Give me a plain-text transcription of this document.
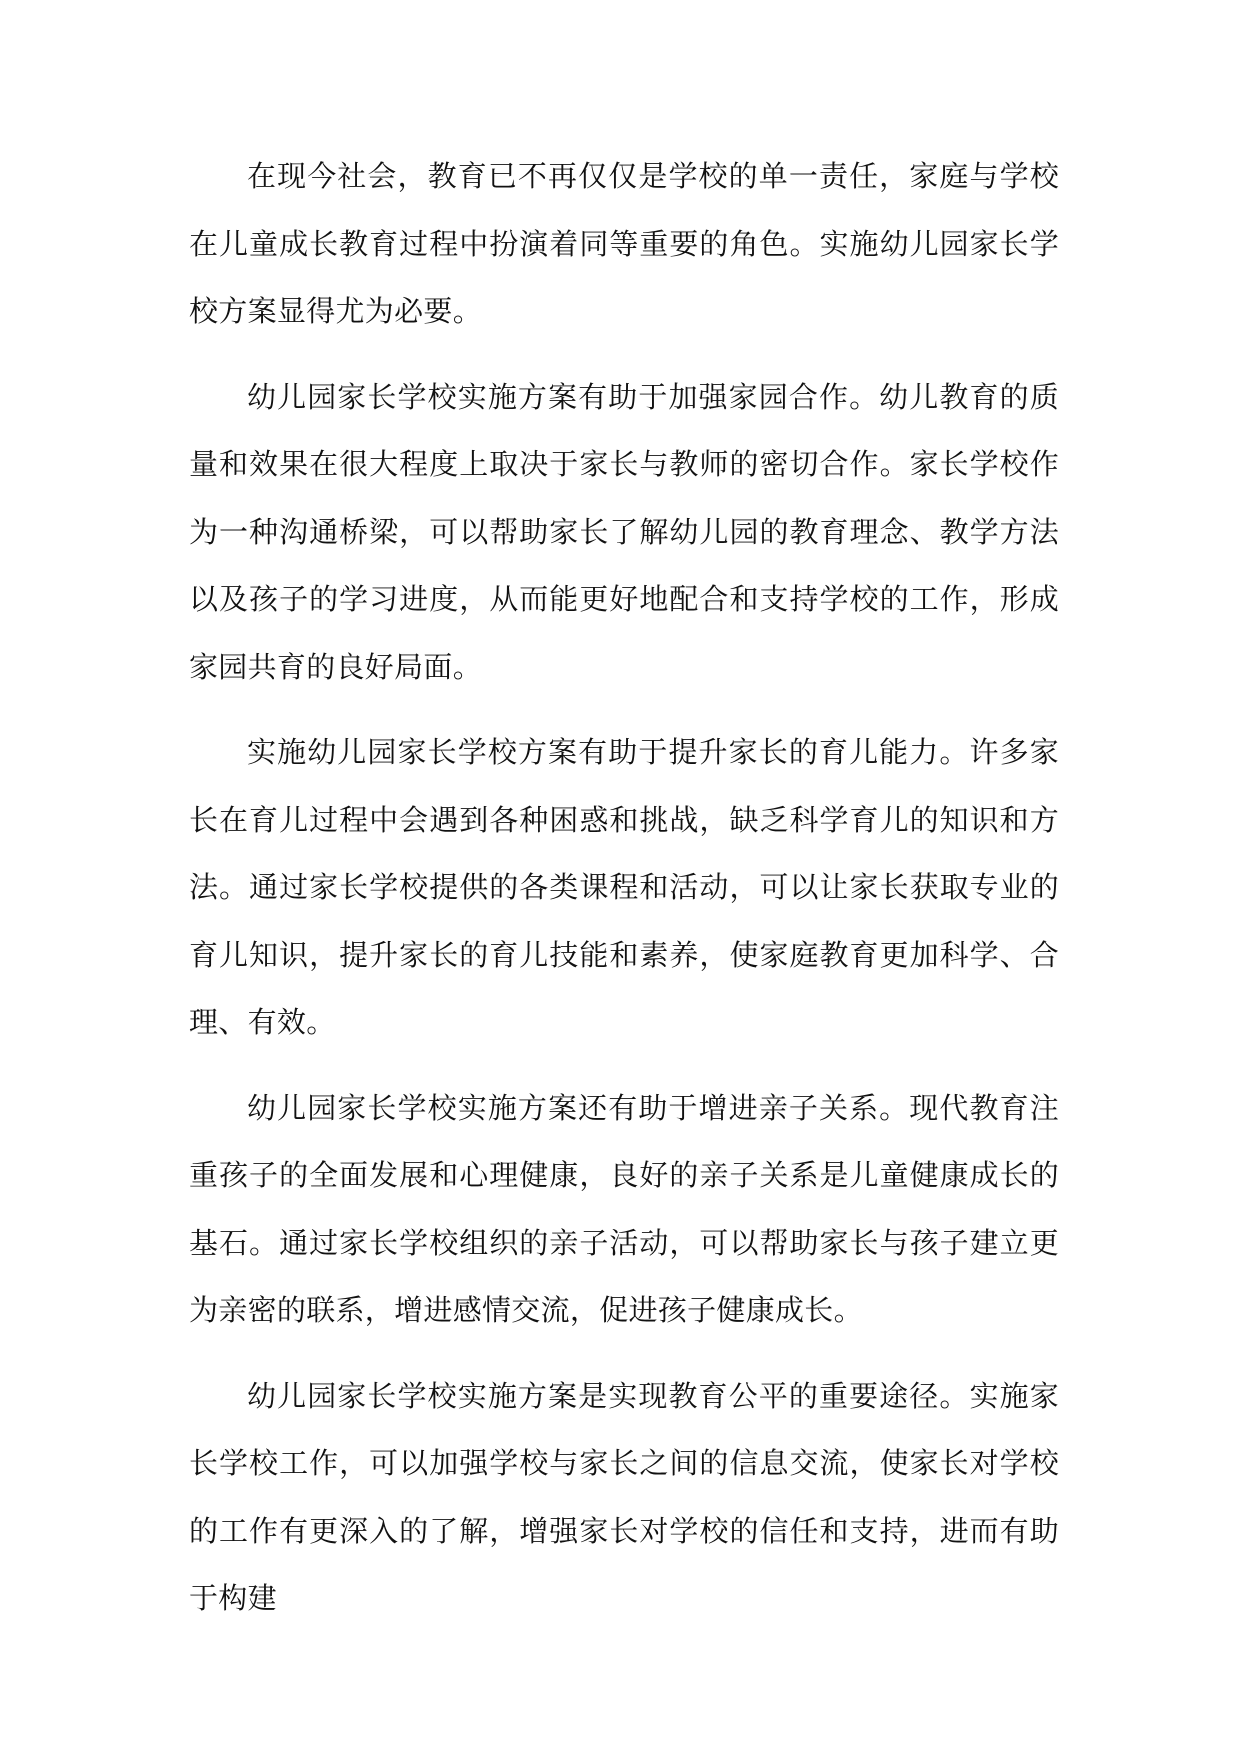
在现今社会，教育已不再仅仅是学校的单一责任，家庭与学校在儿童成长教育过程中扮演着同等重要的角色。实施幼儿园家长学校方案显得尤为必要。

幼儿园家长学校实施方案有助于加强家园合作。幼儿教育的质量和效果在很大程度上取决于家长与教师的密切合作。家长学校作为一种沟通桥梁，可以帮助家长了解幼儿园的教育理念、教学方法以及孩子的学习进度，从而能更好地配合和支持学校的工作，形成家园共育的良好局面。

实施幼儿园家长学校方案有助于提升家长的育儿能力。许多家长在育儿过程中会遇到各种困惑和挑战，缺乏科学育儿的知识和方法。通过家长学校提供的各类课程和活动，可以让家长获取专业的育儿知识，提升家长的育儿技能和素养，使家庭教育更加科学、合理、有效。

幼儿园家长学校实施方案还有助于增进亲子关系。现代教育注重孩子的全面发展和心理健康，良好的亲子关系是儿童健康成长的基石。通过家长学校组织的亲子活动，可以帮助家长与孩子建立更为亲密的联系，增进感情交流，促进孩子健康成长。

幼儿园家长学校实施方案是实现教育公平的重要途径。实施家长学校工作，可以加强学校与家长之间的信息交流，使家长对学校的工作有更深入的了解，增强家长对学校的信任和支持，进而有助于构建
